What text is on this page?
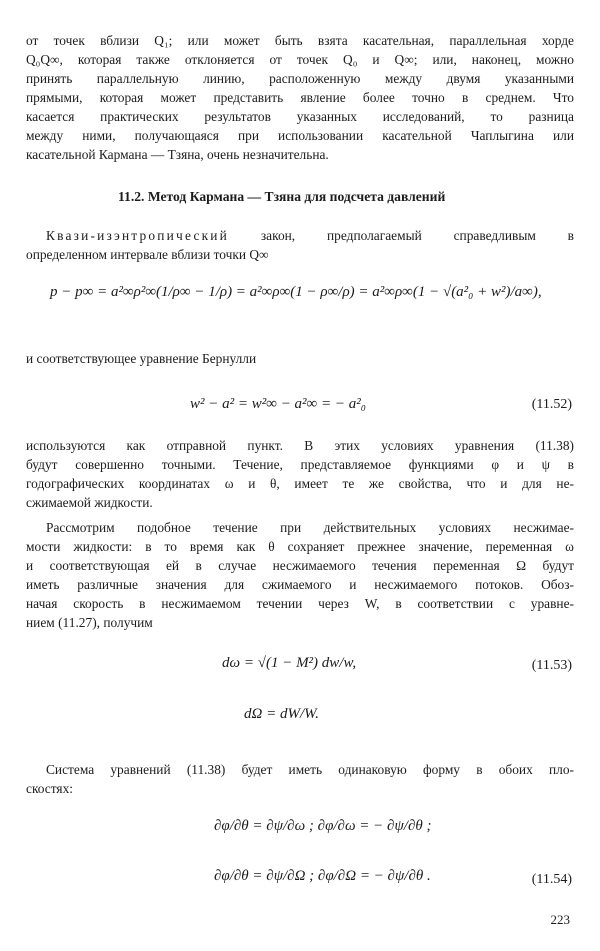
от точек вблизи Q₁; или может быть взята касательная, параллельная хорде
Q₀Q∞, которая также отклоняется от точек Q₀ и Q∞; или, наконец, можно
принять параллельную линию, расположенную между двумя указанными
прямыми, которая может представить явление более точно в среднем. Что
касается практических результатов указанных исследований, то разница
между ними, получающаяся при использовании касательной Чаплыгина или
касательной Кармана — Тзяна, очень незначительна.
11.2. Метод Кармана — Тзяна для подсчета давлений
Квази-изэнтропический закон, предполагаемый справедливым в
определенном интервале вблизи точки Q∞
p − p∞ = a²∞ρ²∞(1/ρ∞ − 1/ρ) = a²∞ρ∞(1 − ρ∞/ρ) = a²∞ρ∞(1 − √(a²₀ + w²)/a∞),
и соответствующее уравнение Бернулли
w² − a² = w²∞ − a²∞ = − a²₀	(11.52)
используются как отправной пункт. В этих условиях уравнения (11.38)
будут совершенно точными. Течение, представляемое функциями φ и ψ в
годографических координатах ω и θ, имеет те же свойства, что и для не-
сжимаемой жидкости.
Рассмотрим подобное течение при действительных условиях несжимае-
мости жидкости: в то время как θ сохраняет прежнее значение, переменная ω
и соответствующая ей в случае несжимаемого течения переменная Ω будут
иметь различные значения для сжимаемого и несжимаемого потоков. Обоз-
начая скорость в несжимаемом течении через W, в соответствии с уравне-
нием (11.27), получим
dω = √(1 − M²) dw/w,	(11.53)
dΩ = dW/W.
Система уравнений (11.38) будет иметь одинаковую форму в обоих пло-
скостях:
∂φ/∂θ = ∂ψ/∂ω ; ∂φ/∂ω = − ∂ψ/∂θ ;
∂φ/∂θ = ∂ψ/∂Ω ; ∂φ/∂Ω = − ∂ψ/∂θ .	(11.54)
223
